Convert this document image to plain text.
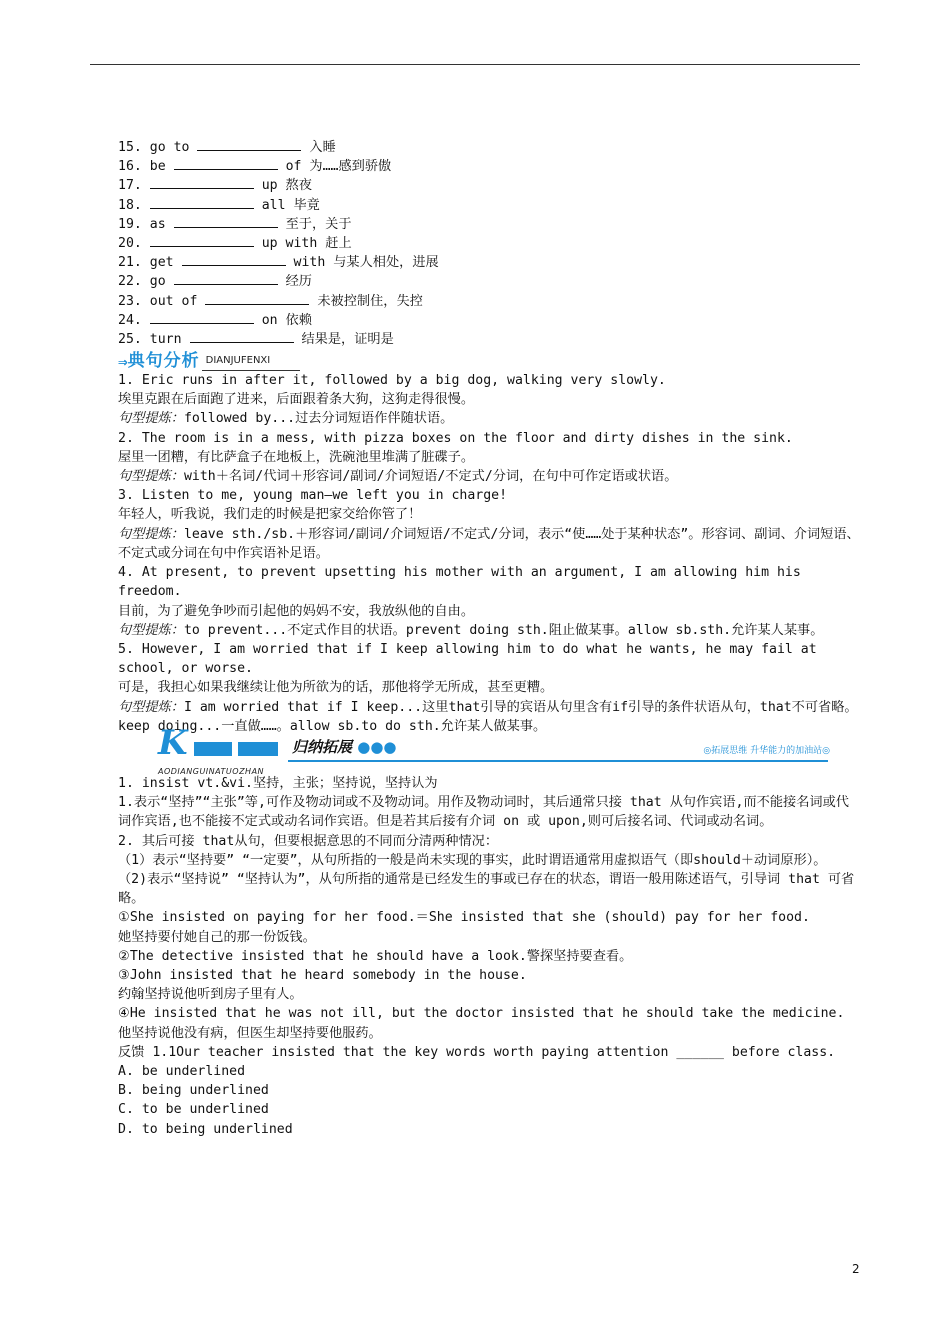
15. go to	入睡
16. be	of 为……感到骄傲
17.	up 熬夜
18.	all 毕竟
19. as	至于，关于
20.	up with 赶上
21. get	with 与某人相处，进展
22. go	经历
23. out of	未被控制住，失控
24.	on 依赖
25. turn	结果是，证明是
⇒ 典句分析 DIANJUFENXI
1. Eric runs in after it, followed by a big dog, walking very slowly.
埃里克跟在后面跑了进来，后面跟着条大狗，这狗走得很慢。
句型提炼：followed by...过去分词短语作伴随状语。
2. The room is in a mess, with pizza boxes on the floor and dirty dishes in the sink.
屋里一团糟，有比萨盒子在地板上，洗碗池里堆满了脏碟子。
句型提炼：with＋名词/代词＋形容词/副词/介词短语/不定式/分词，在句中可作定语或状语。
3. Listen to me, young man—we left you in charge!
年轻人，听我说，我们走的时候是把家交给你管了！
句型提炼：leave sth./sb.＋形容词/副词/介词短语/不定式/分词，表示“使……处于某种状态”。形容词、副词、介词短语、不定式或分词在句中作宾语补足语。
4. At present, to prevent upsetting his mother with an argument, I am allowing him his freedom.
目前，为了避免争吵而引起他的妈妈不安，我放纵他的自由。
句型提炼：to prevent...不定式作目的状语。prevent doing sth.阻止做某事。allow sb.sth.允许某人某事。
5. However, I am worried that if I keep allowing him to do what he wants, he may fail at school, or worse.
可是，我担心如果我继续让他为所欲为的话，那他将学无所成，甚至更糟。
句型提炼：I am worried that if I keep...这里that引导的宾语从句里含有if引导的条件状语从句，that不可省略。keep doing...一直做……。allow sb.to do sth.允许某人做某事。
K	归纳拓展 ●●●	◎拓展思维 升华能力的加油站◎
AODIANGUINATUOZHAN
1. insist vt.&vi.坚持，主张；坚持说，坚持认为
1.表示“坚持”“主张”等,可作及物动词或不及物动词。用作及物动词时，其后通常只接 that 从句作宾语,而不能接名词或代词作宾语,也不能接不定式或动名词作宾语。但是若其后接有介词 on 或 upon,则可后接名词、代词或动名词。
2. 其后可接 that从句，但要根据意思的不同而分清两种情况：
（1）表示“坚持要” “一定要”，从句所指的一般是尚未实现的事实，此时谓语通常用虚拟语气（即should＋动词原形）。
（2)表示“坚持说” “坚持认为”，从句所指的通常是已经发生的事或已存在的状态，谓语一般用陈述语气，引导词 that 可省略。
①She insisted on paying for her food.＝She insisted that she (should) pay for her food.
她坚持要付她自己的那一份饭钱。
②The detective insisted that he should have a look.警探坚持要查看。
③John insisted that he heard somebody in the house.
约翰坚持说他听到房子里有人。
④He insisted that he was not ill, but the doctor insisted that he should take the medicine.
他坚持说他没有病，但医生却坚持要他服药。
反馈 1.1Our teacher insisted that the key words worth paying attention ______ before class.
A. be underlined
B. being underlined
C. to be underlined
D. to being underlined
2
